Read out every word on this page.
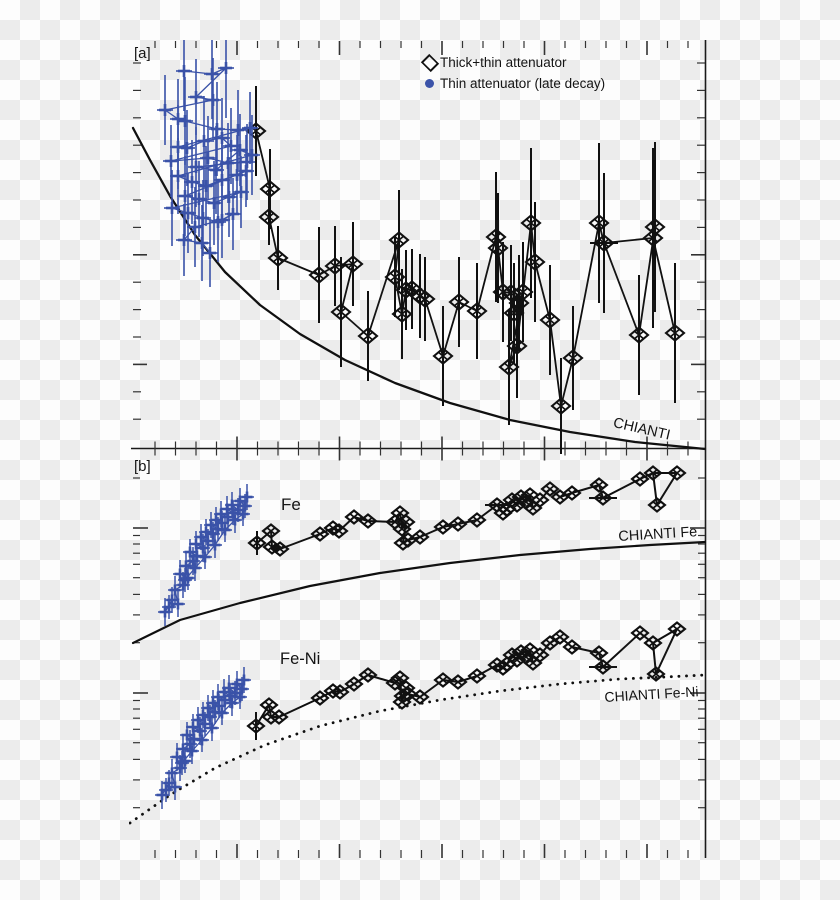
[a]
[b]
Thick+thin attenuator
Thin attenuator (late decay)
Fe
Fe-Ni
CHIANTI
CHIANTI Fe
CHIANTI Fe-Ni
